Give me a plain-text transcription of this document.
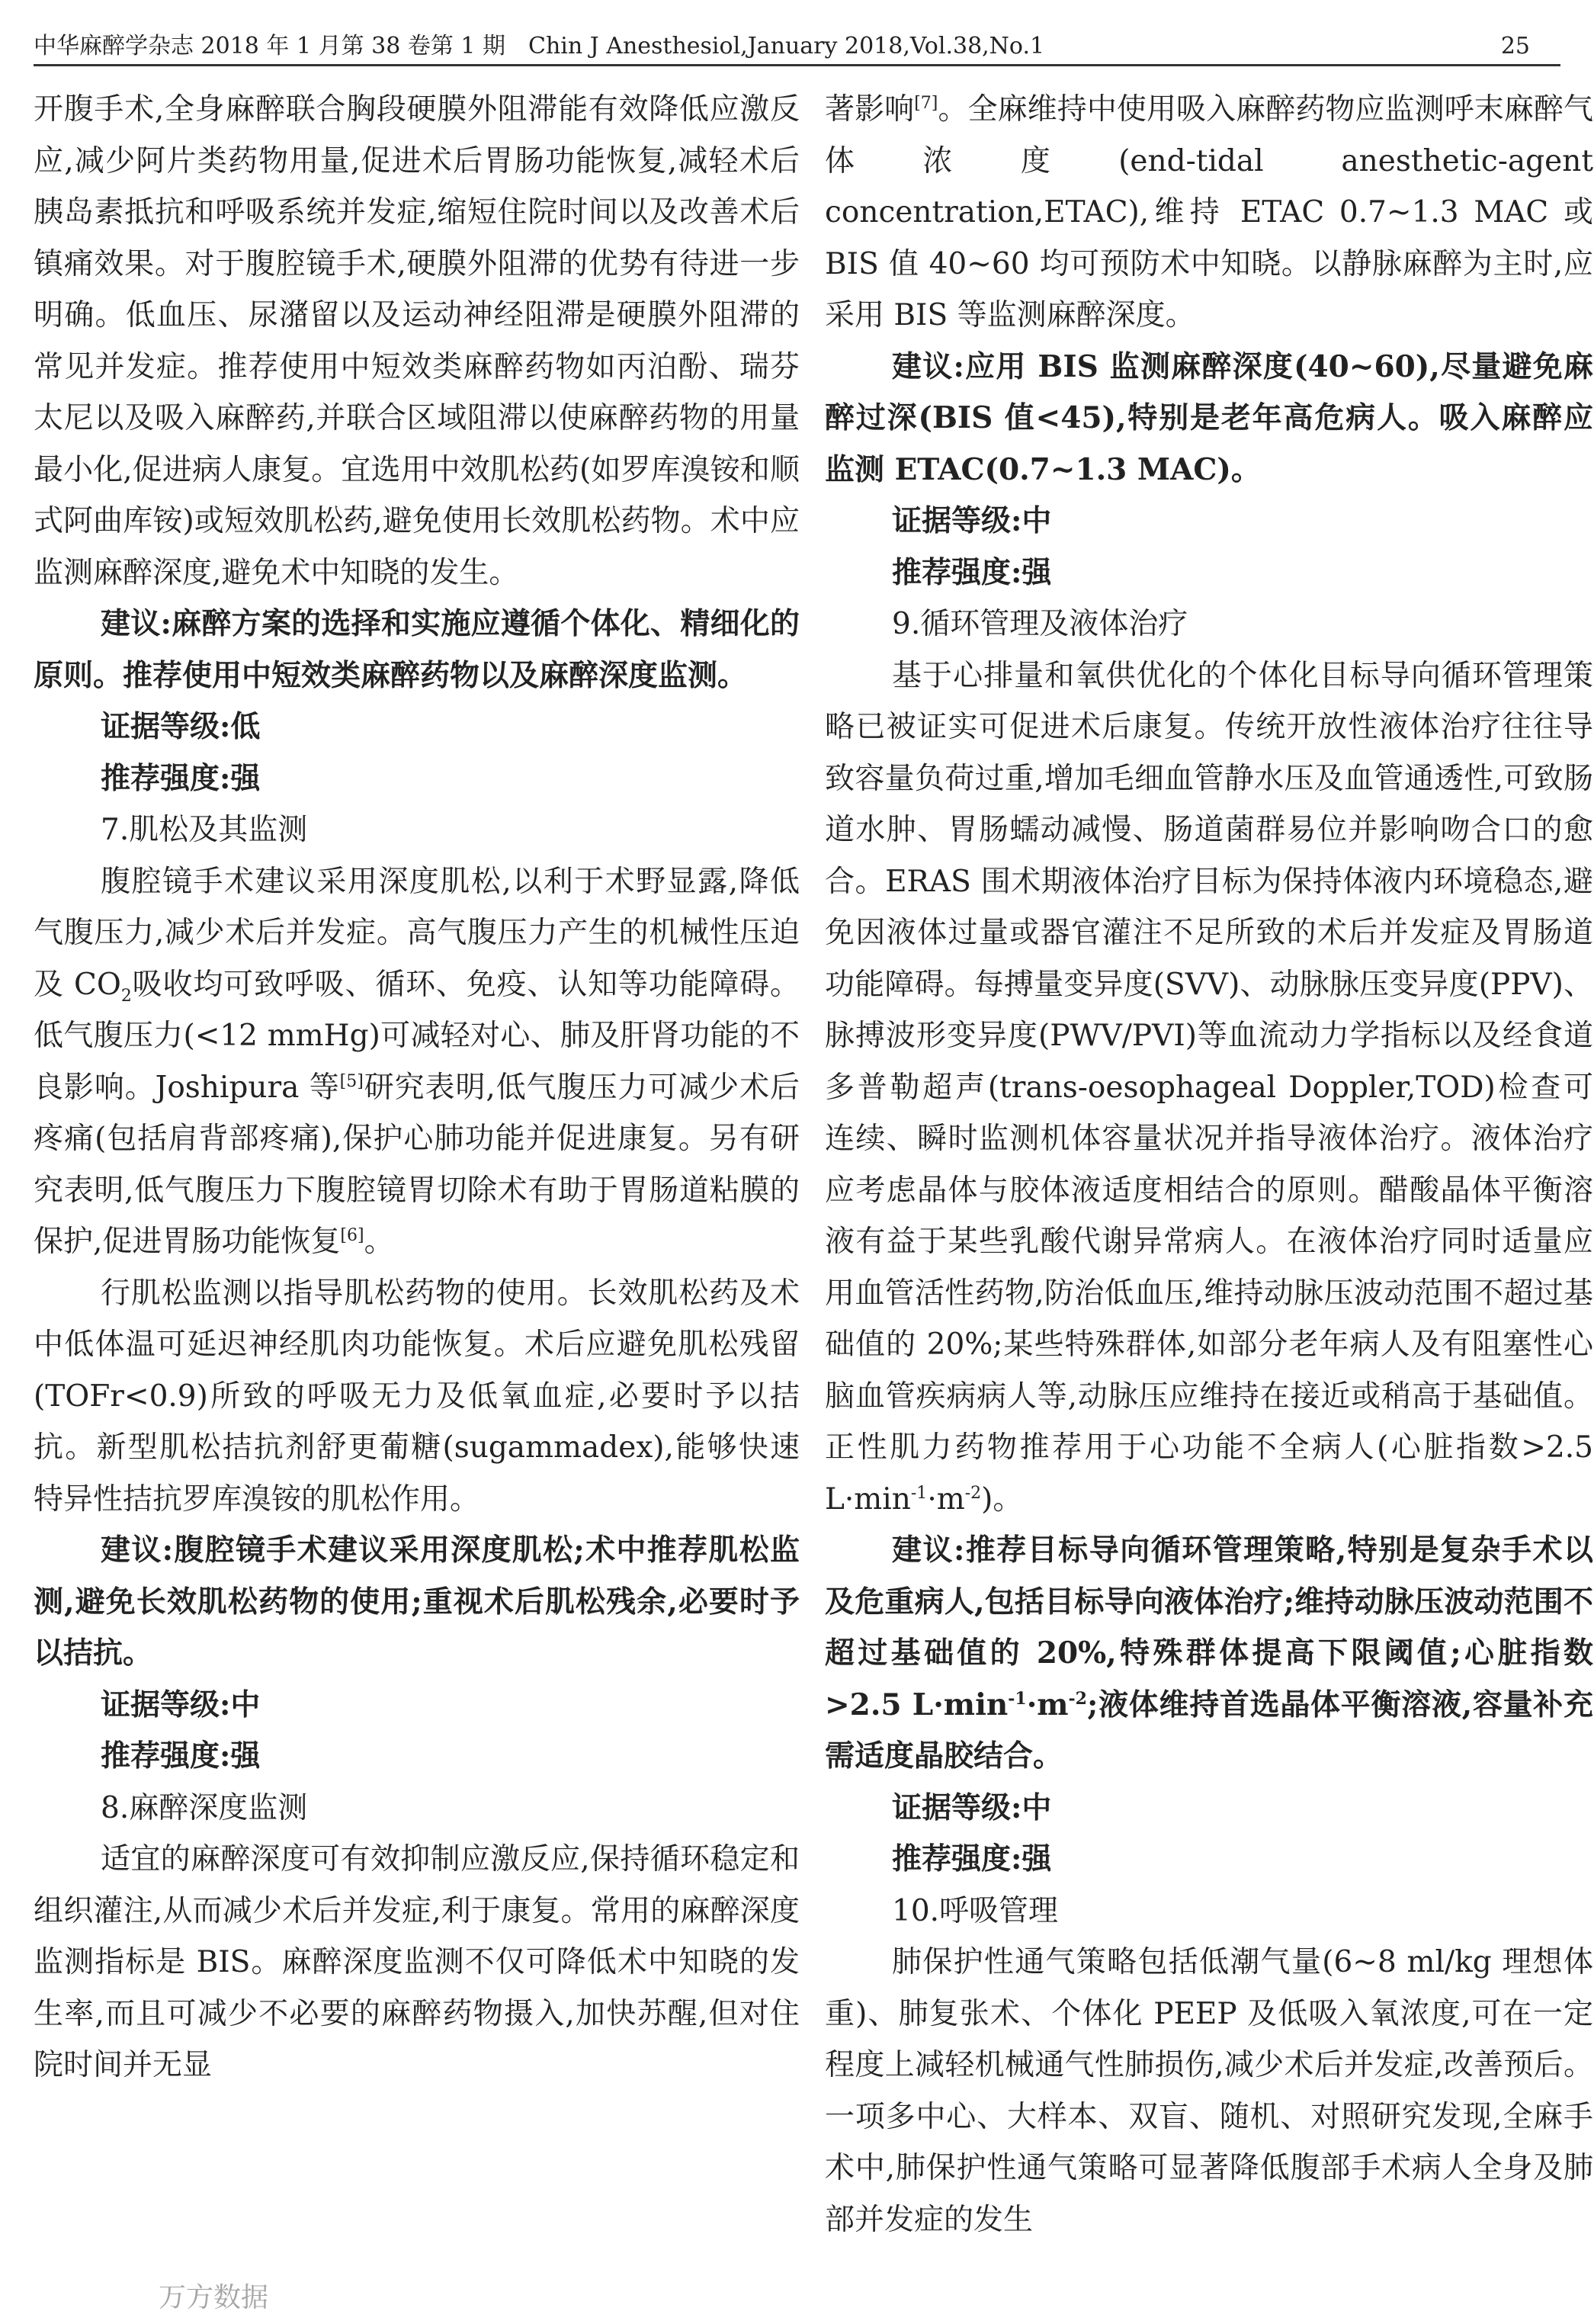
中华麻醉学杂志 2018 年 1 月第 38 卷第 1 期　Chin J Anesthesiol,January 2018,Vol.38,No.1	25

开腹手术,全身麻醉联合胸段硬膜外阻滞能有效降低应激反应,减少阿片类药物用量,促进术后胃肠功能恢复,减轻术后胰岛素抵抗和呼吸系统并发症,缩短住院时间以及改善术后镇痛效果。对于腹腔镜手术,硬膜外阻滞的优势有待进一步明确。低血压、尿潴留以及运动神经阻滞是硬膜外阻滞的常见并发症。推荐使用中短效类麻醉药物如丙泊酚、瑞芬太尼以及吸入麻醉药,并联合区域阻滞以使麻醉药物的用量最小化,促进病人康复。宜选用中效肌松药(如罗库溴铵和顺式阿曲库铵)或短效肌松药,避免使用长效肌松药物。术中应监测麻醉深度,避免术中知晓的发生。

建议:麻醉方案的选择和实施应遵循个体化、精细化的原则。推荐使用中短效类麻醉药物以及麻醉深度监测。

证据等级:低

推荐强度:强

7.肌松及其监测

腹腔镜手术建议采用深度肌松,以利于术野显露,降低气腹压力,减少术后并发症。高气腹压力产生的机械性压迫及 $CO_2$吸收均可致呼吸、循环、免疫、认知等功能障碍。低气腹压力(<12 mmHg)可减轻对心、肺及肝肾功能的不良影响。Joshipura 等[5]研究表明,低气腹压力可减少术后疼痛(包括肩背部疼痛),保护心肺功能并促进康复。另有研究表明,低气腹压力下腹腔镜胃切除术有助于胃肠道粘膜的保护,促进胃肠功能恢复[6]。

行肌松监测以指导肌松药物的使用。长效肌松药及术中低体温可延迟神经肌肉功能恢复。术后应避免肌松残留(TOFr<0.9)所致的呼吸无力及低氧血症,必要时予以拮抗。新型肌松拮抗剂舒更葡糖(sugammadex),能够快速特异性拮抗罗库溴铵的肌松作用。

建议:腹腔镜手术建议采用深度肌松;术中推荐肌松监测,避免长效肌松药物的使用;重视术后肌松残余,必要时予以拮抗。

证据等级:中

推荐强度:强

8.麻醉深度监测

适宜的麻醉深度可有效抑制应激反应,保持循环稳定和组织灌注,从而减少术后并发症,利于康复。常用的麻醉深度监测指标是 BIS。麻醉深度监测不仅可降低术中知晓的发生率,而且可减少不必要的麻醉药物摄入,加快苏醒,但对住院时间并无显

著影响[7]。全麻维持中使用吸入麻醉药物应监测呼末麻醉气体浓度(end-tidal anesthetic-agent concentration,ETAC),维持 ETAC 0.7~1.3 MAC 或 BIS 值 40~60 均可预防术中知晓。以静脉麻醉为主时,应采用 BIS 等监测麻醉深度。

建议:应用 BIS 监测麻醉深度(40~60),尽量避免麻醉过深(BIS 值<45),特别是老年高危病人。吸入麻醉应监测 ETAC(0.7~1.3 MAC)。

证据等级:中

推荐强度:强

9.循环管理及液体治疗

基于心排量和氧供优化的个体化目标导向循环管理策略已被证实可促进术后康复。传统开放性液体治疗往往导致容量负荷过重,增加毛细血管静水压及血管通透性,可致肠道水肿、胃肠蠕动减慢、肠道菌群易位并影响吻合口的愈合。ERAS 围术期液体治疗目标为保持体液内环境稳态,避免因液体过量或器官灌注不足所致的术后并发症及胃肠道功能障碍。每搏量变异度(SVV)、动脉脉压变异度(PPV)、脉搏波形变异度(PWV/PVI)等血流动力学指标以及经食道多普勒超声(trans-oesophageal Doppler,TOD)检查可连续、瞬时监测机体容量状况并指导液体治疗。液体治疗应考虑晶体与胶体液适度相结合的原则。醋酸晶体平衡溶液有益于某些乳酸代谢异常病人。在液体治疗同时适量应用血管活性药物,防治低血压,维持动脉压波动范围不超过基础值的 20%;某些特殊群体,如部分老年病人及有阻塞性心脑血管疾病病人等,动脉压应维持在接近或稍高于基础值。正性肌力药物推荐用于心功能不全病人(心脏指数>2.5 $L\cdot\min^{-1}\cdot m^{-2}$)。

建议:推荐目标导向循环管理策略,特别是复杂手术以及危重病人,包括目标导向液体治疗;维持动脉压波动范围不超过基础值的 20%,特殊群体提高下限阈值;心脏指数>2.5 $L\cdot\min^{-1}\cdot m^{-2}$;液体维持首选晶体平衡溶液,容量补充需适度晶胶结合。

证据等级:中

推荐强度:强

10.呼吸管理

肺保护性通气策略包括低潮气量(6~8 ml/kg 理想体重)、肺复张术、个体化 PEEP 及低吸入氧浓度,可在一定程度上减轻机械通气性肺损伤,减少术后并发症,改善预后。一项多中心、大样本、双盲、随机、对照研究发现,全麻手术中,肺保护性通气策略可显著降低腹部手术病人全身及肺部并发症的发生

万方数据
